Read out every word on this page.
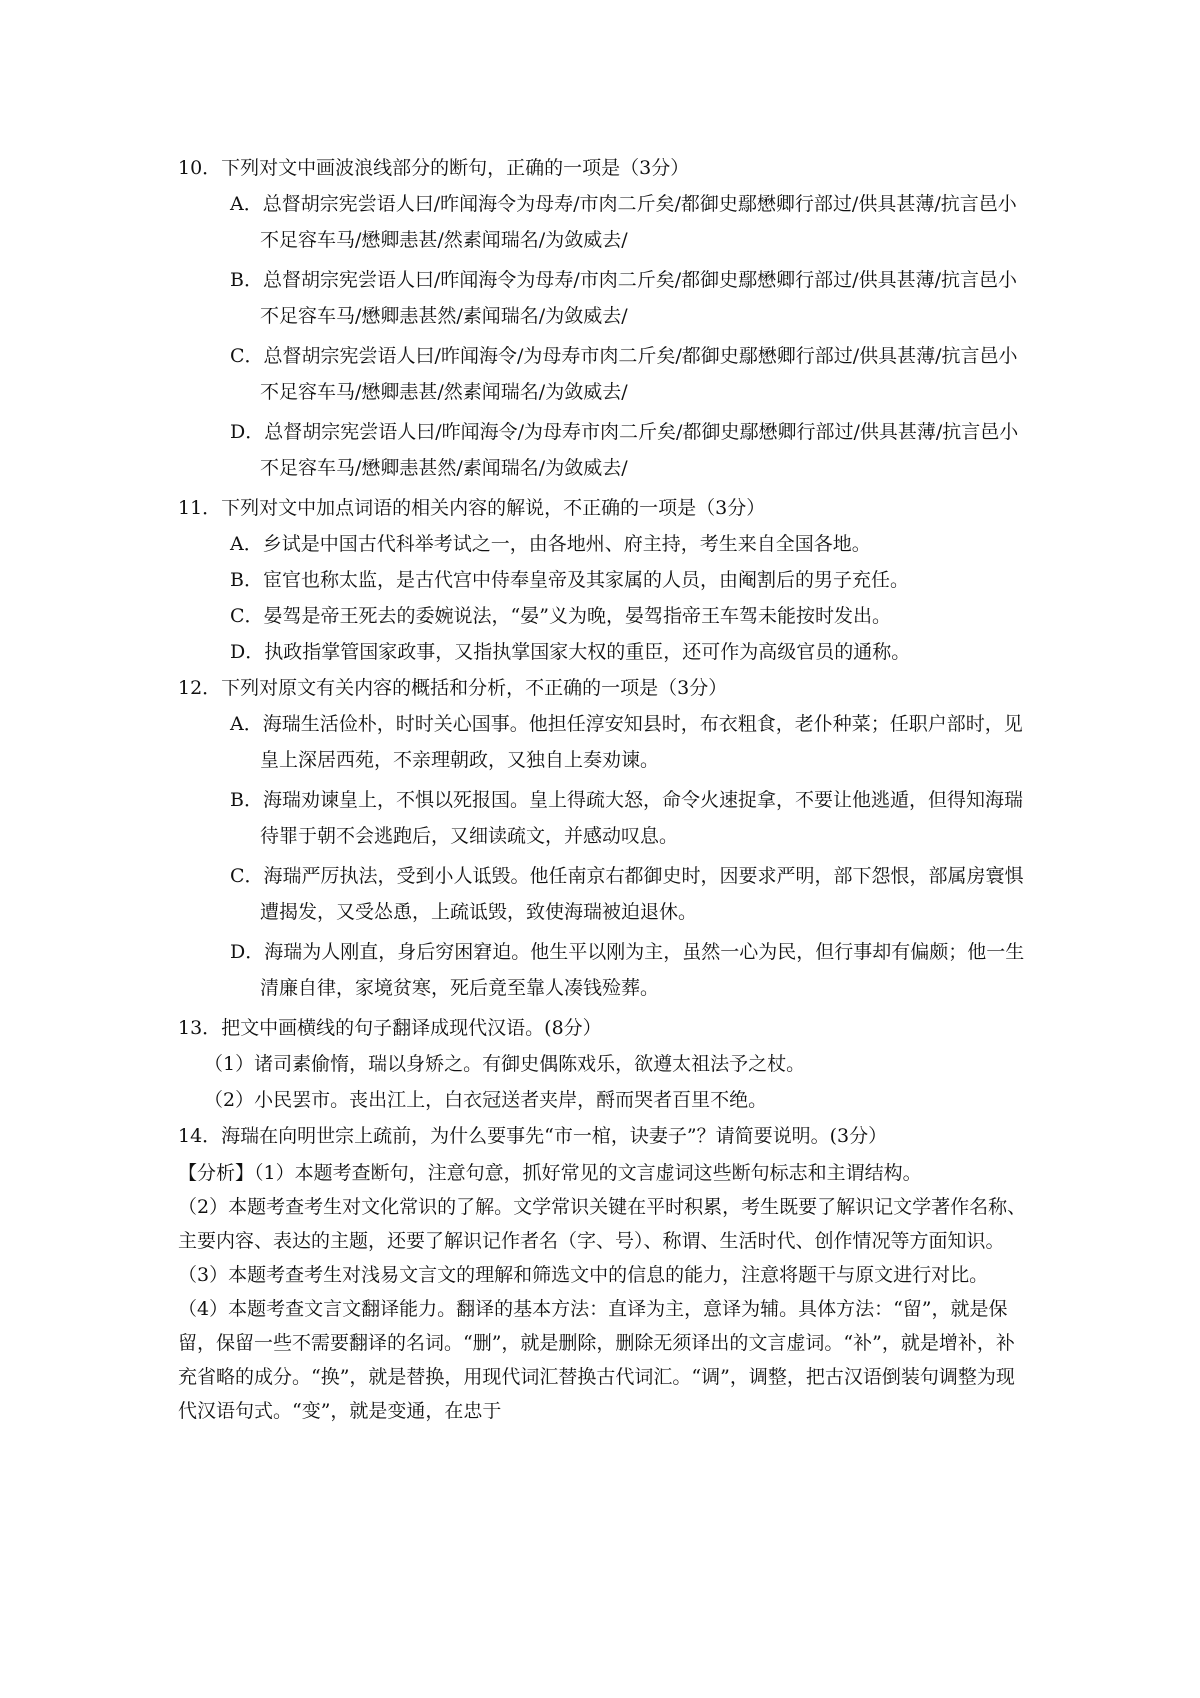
10．下列对文中画波浪线部分的断句，正确的一项是（3分）

A．总督胡宗宪尝语人曰/昨闻海令为母寿/市肉二斤矣/都御史鄢懋卿行部过/供具甚薄/抗言邑小不足容车马/懋卿恚甚/然素闻瑞名/为敛威去/

B．总督胡宗宪尝语人曰/昨闻海令为母寿/市肉二斤矣/都御史鄢懋卿行部过/供具甚薄/抗言邑小不足容车马/懋卿恚甚然/素闻瑞名/为敛威去/

C．总督胡宗宪尝语人曰/昨闻海令/为母寿市肉二斤矣/都御史鄢懋卿行部过/供具甚薄/抗言邑小不足容车马/懋卿恚甚/然素闻瑞名/为敛威去/

D．总督胡宗宪尝语人曰/昨闻海令/为母寿市肉二斤矣/都御史鄢懋卿行部过/供具甚薄/抗言邑小不足容车马/懋卿恚甚然/素闻瑞名/为敛威去/

11．下列对文中加点词语的相关内容的解说，不正确的一项是（3分）

A．乡试是中国古代科举考试之一，由各地州、府主持，考生来自全国各地。

B．宦官也称太监，是古代宫中侍奉皇帝及其家属的人员，由阉割后的男子充任。

C．晏驾是帝王死去的委婉说法，“晏”义为晚，晏驾指帝王车驾未能按时发出。

D．执政指掌管国家政事，又指执掌国家大权的重臣，还可作为高级官员的通称。

12．下列对原文有关内容的概括和分析，不正确的一项是（3分）

A．海瑞生活俭朴，时时关心国事。他担任淳安知县时，布衣粗食，老仆种菜；任职户部时，见皇上深居西苑，不亲理朝政，又独自上奏劝谏。

B．海瑞劝谏皇上，不惧以死报国。皇上得疏大怒，命令火速捉拿，不要让他逃遁，但得知海瑞待罪于朝不会逃跑后，又细读疏文，并感动叹息。

C．海瑞严厉执法，受到小人诋毁。他任南京右都御史时，因要求严明，部下怨恨，部属房寰惧遭揭发，又受怂恿，上疏诋毁，致使海瑞被迫退休。

D．海瑞为人刚直，身后穷困窘迫。他生平以刚为主，虽然一心为民，但行事却有偏颇；他一生清廉自律，家境贫寒，死后竟至靠人凑钱殓葬。

13．把文中画横线的句子翻译成现代汉语。(8分）

（1）诸司素偷惰，瑞以身矫之。有御史偶陈戏乐，欲遵太祖法予之杖。

（2）小民罢市。丧出江上，白衣冠送者夹岸，酹而哭者百里不绝。

14．海瑞在向明世宗上疏前，为什么要事先“市一棺，诀妻子”？请简要说明。(3分）

【分析】（1）本题考查断句，注意句意，抓好常见的文言虚词这些断句标志和主谓结构。

（2）本题考查考生对文化常识的了解。文学常识关键在平时积累，考生既要了解识记文学著作名称、主要内容、表达的主题，还要了解识记作者名（字、号）、称谓、生活时代、创作情况等方面知识。

（3）本题考查考生对浅易文言文的理解和筛选文中的信息的能力，注意将题干与原文进行对比。

（4）本题考查文言文翻译能力。翻译的基本方法：直译为主，意译为辅。具体方法：“留”，就是保留，保留一些不需要翻译的名词。“删”，就是删除，删除无须译出的文言虚词。“补”，就是增补，补充省略的成分。“换”，就是替换，用现代词汇替换古代词汇。“调”，调整，把古汉语倒装句调整为现代汉语句式。“变”，就是变通，在忠于
